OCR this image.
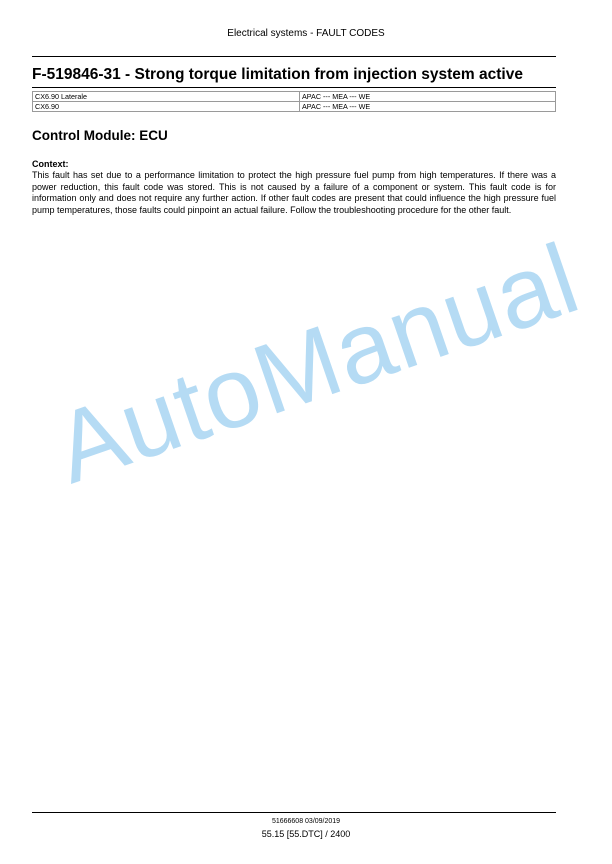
Electrical systems - FAULT CODES
F-519846-31 - Strong torque limitation from injection system active
CX6.90 Laterale	APAC --- MEA --- WE
CX6.90	APAC --- MEA --- WE
Control Module: ECU
Context:
This fault has set due to a performance limitation to protect the high pressure fuel pump from high temperatures. If there was a power reduction, this fault code was stored. This is not caused by a failure of a component or system. This fault code is for information only and does not require any further action. If other fault codes are present that could influence the high pressure fuel pump temperatures, those faults could pinpoint an actual failure. Follow the troubleshooting procedure for the other fault.
AutoManual
51666608 03/09/2019
55.15 [55.DTC] / 2400
